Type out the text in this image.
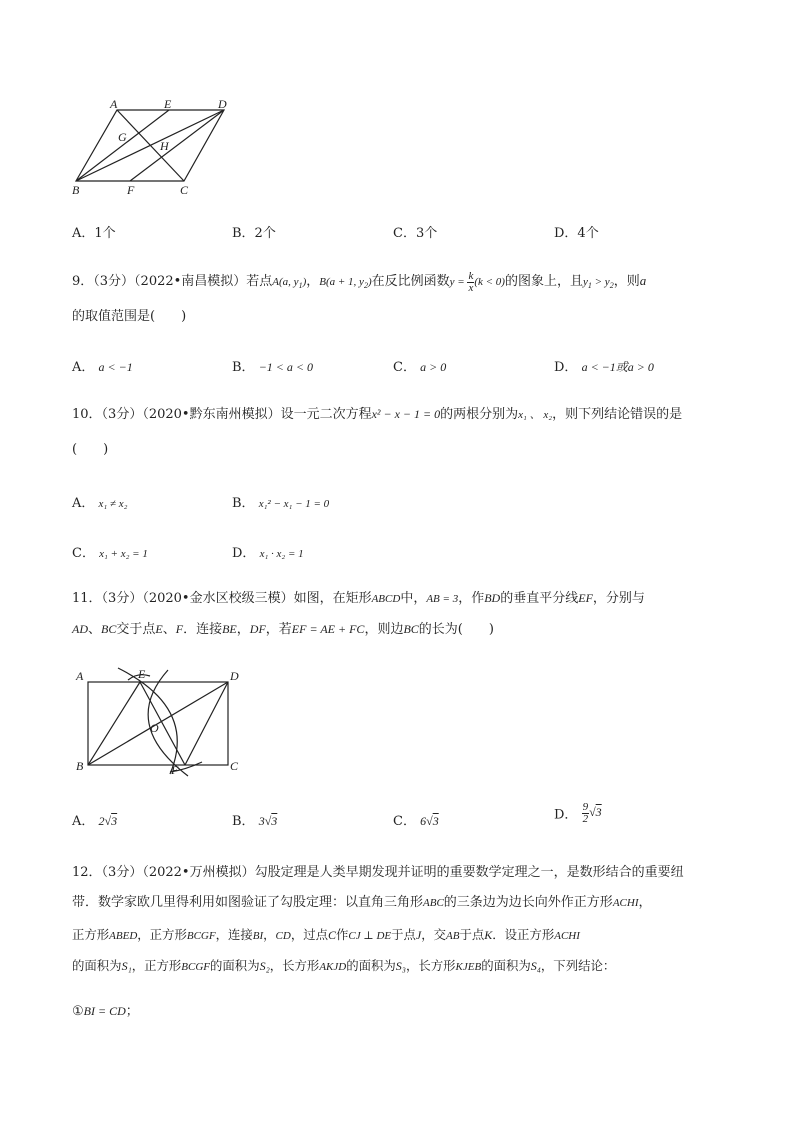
A	E	D
G
H
B	F	C
A．1个	B．2个	C．3个	D．4个
9．（3分）（2022•南昌模拟）若点A(a, $y_1$)，B(a + 1, $y_2$)在反比例函数$y = \frac{k}{x} (k < 0)$的图象上，且$y_1 > y_2$，则a
的取值范围是(　　)
A． a < −1	B． −1 < a < 0	C． a > 0	D． a < −1或a > 0
10．（3分）（2020•黔东南州模拟）设一元二次方程x² − x − 1 = 0的两根分别为x₁ 、 x₂，则下列结论错误的是
(　　)
A． x₁ ≠ x₂	B． x₁² − x₁ − 1 = 0
C． x₁ + x₂ = 1	D． x₁ · x₂ = 1
11．（3分）（2020•金水区校级三模）如图，在矩形ABCD中，AB = 3，作BD的垂直平分线EF，分别与
AD、BC交于点E、F．连接BE，DF，若EF = AE + FC，则边BC的长为(　　)
A	E	D
O
B	F	C
A． 2√3	B． 3√3	C． 6√3	D． $\frac{9}{2} √3$
12．（3分）（2022•万州模拟）勾股定理是人类早期发现并证明的重要数学定理之一，是数形结合的重要纽
带．数学家欧几里得利用如图验证了勾股定理：以直角三角形ABC的三条边为边长向外作正方形ACHI，
正方形ABED，正方形BCGF，连接BI，CD，过点C作CJ ⊥ DE于点J，交AB于点K．设正方形ACHI
的面积为S₁，正方形BCGF的面积为S₂，长方形AKJD的面积为S₃，长方形KJEB的面积为S₄，下列结论：
①BI = CD；
